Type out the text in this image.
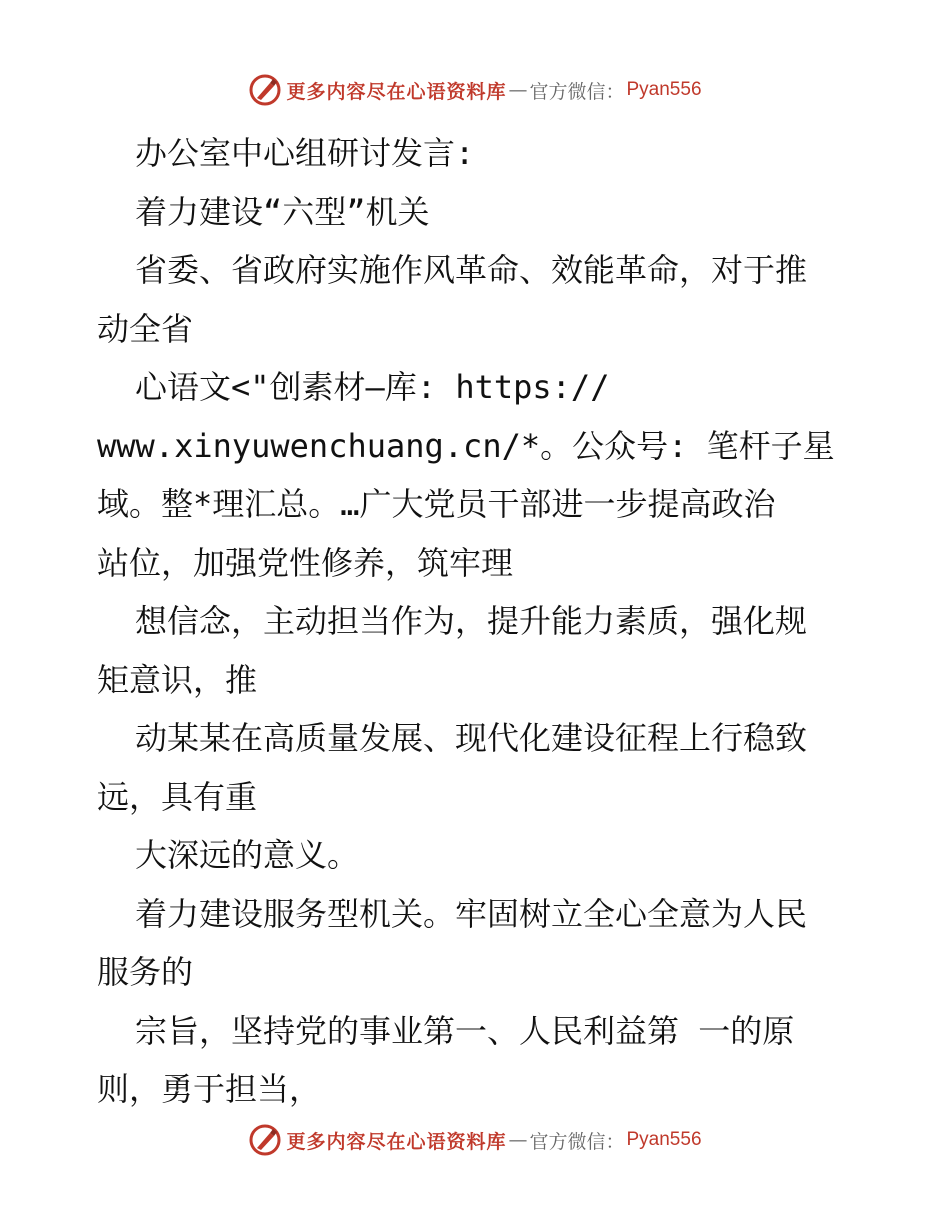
更多内容尽在心语资料库 — 官方微信： Pyan556
办公室中心组研讨发言:
着力建设“六型”机关
省委、省政府实施作风革命、效能革命，对于推
动全省
心语文<"创素材—库: https://
www.xinyuwenchuang.cn/*。公众号: 笔杆子星
域。整*理汇总。…广大党员干部进一步提高政治
站位，加强党性修养，筑牢理
想信念，主动担当作为，提升能力素质，强化规
矩意识，推
动某某在高质量发展、现代化建设征程上行稳致
远，具有重
大深远的意义。
着力建设服务型机关。牢固树立全心全意为人民
服务的
宗旨，坚持党的事业第一、人民利益第 一的原
则，勇于担当，
更多内容尽在心语资料库 — 官方微信： Pyan556
